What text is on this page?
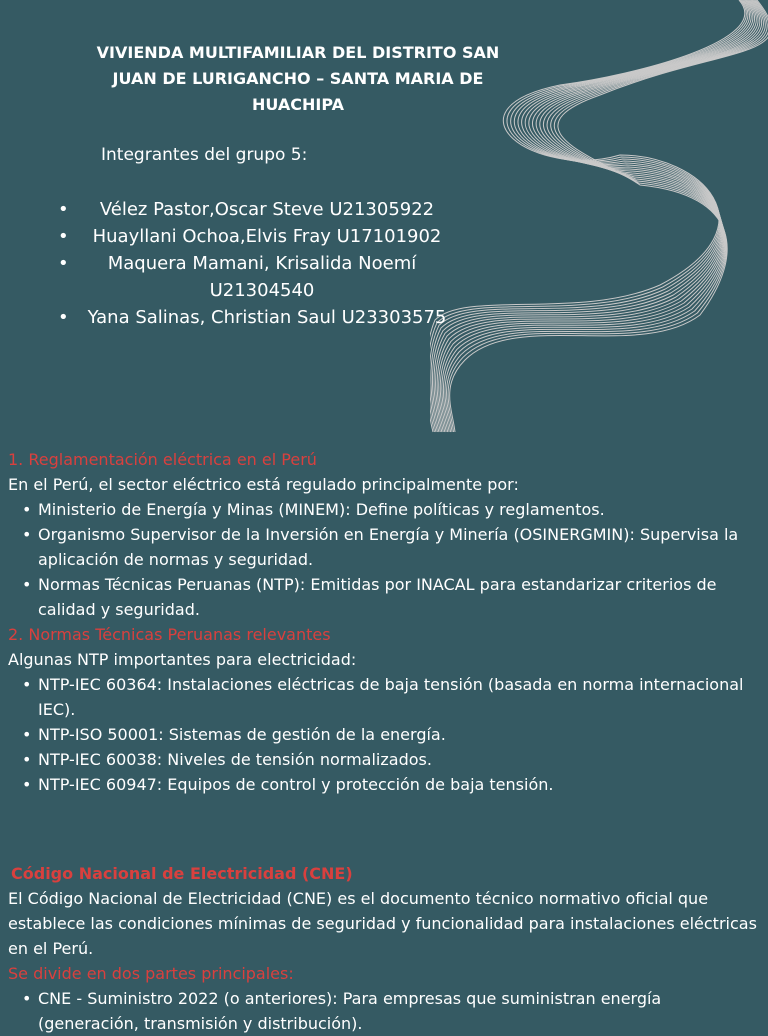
VIVIENDA MULTIFAMILIAR DEL DISTRITO SAN JUAN DE LURIGANCHO – SANTA MARIA DE HUACHIPA
Integrantes del grupo 5:
• Vélez Pastor,Oscar Steve U21305922
• Huayllani Ochoa,Elvis Fray U17101902
• Maquera Mamani, Krisalida Noemí U21304540
• Yana Salinas, Christian Saul U23303575

1. Reglamentación eléctrica en el Perú

En el Perú, el sector eléctrico está regulado principalmente por:

• Ministerio de Energía y Minas (MINEM): Define políticas y reglamentos.
• Organismo Supervisor de la Inversión en Energía y Minería (OSINERGMIN): Supervisa la aplicación de normas y seguridad.
• Normas Técnicas Peruanas (NTP): Emitidas por INACAL para estandarizar criterios de calidad y seguridad.

2. Normas Técnicas Peruanas relevantes

Algunas NTP importantes para electricidad:

• NTP-IEC 60364: Instalaciones eléctricas de baja tensión (basada en norma internacional IEC).
• NTP-ISO 50001: Sistemas de gestión de la energía.
• NTP-IEC 60038: Niveles de tensión normalizados.
• NTP-IEC 60947: Equipos de control y protección de baja tensión.

Código Nacional de Electricidad (CNE)

El Código Nacional de Electricidad (CNE) es el documento técnico normativo oficial que establece las condiciones mínimas de seguridad y funcionalidad para instalaciones eléctricas en el Perú.

Se divide en dos partes principales:

• CNE - Suministro 2022 (o anteriores): Para empresas que suministran energía (generación, transmisión y distribución).
